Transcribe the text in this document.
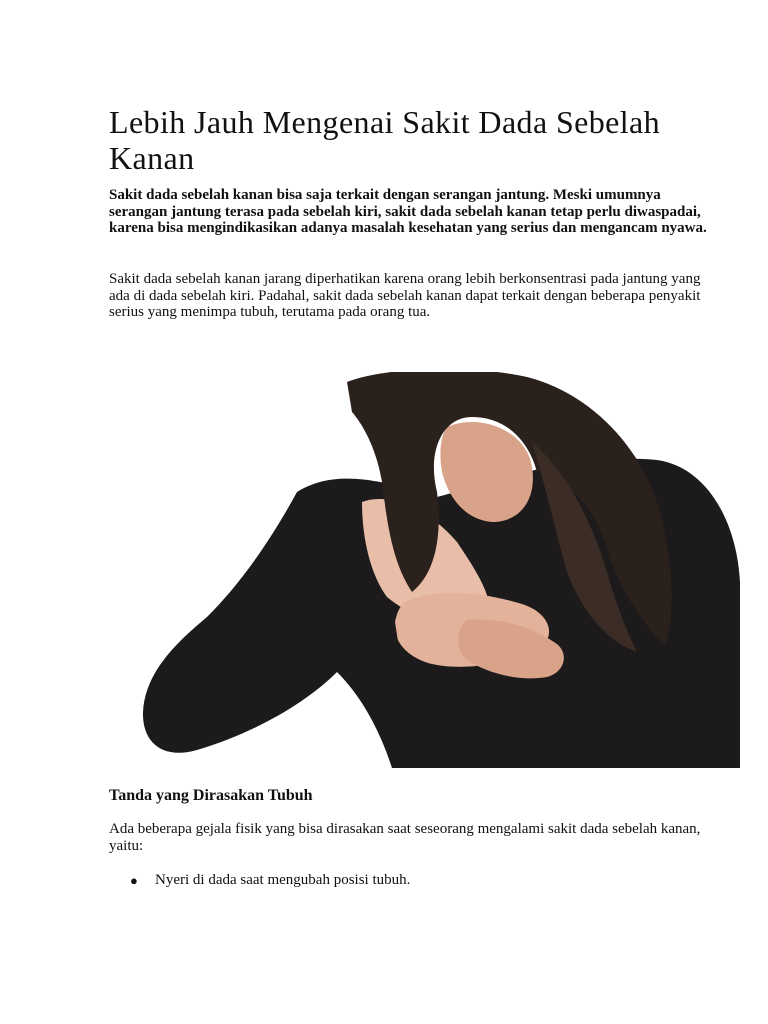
Lebih Jauh Mengenai Sakit Dada Sebelah Kanan

Sakit dada sebelah kanan bisa saja terkait dengan serangan jantung. Meski umumnya serangan jantung terasa pada sebelah kiri, sakit dada sebelah kanan tetap perlu diwaspadai, karena bisa mengindikasikan adanya masalah kesehatan yang serius dan mengancam nyawa.

Sakit dada sebelah kanan jarang diperhatikan karena orang lebih berkonsentrasi pada jantung yang ada di dada sebelah kiri. Padahal, sakit dada sebelah kanan dapat terkait dengan beberapa penyakit serius yang menimpa tubuh, terutama pada orang tua.

Tanda yang Dirasakan Tubuh

Ada beberapa gejala fisik yang bisa dirasakan saat seseorang mengalami sakit dada sebelah kanan, yaitu:

● Nyeri di dada saat mengubah posisi tubuh.
